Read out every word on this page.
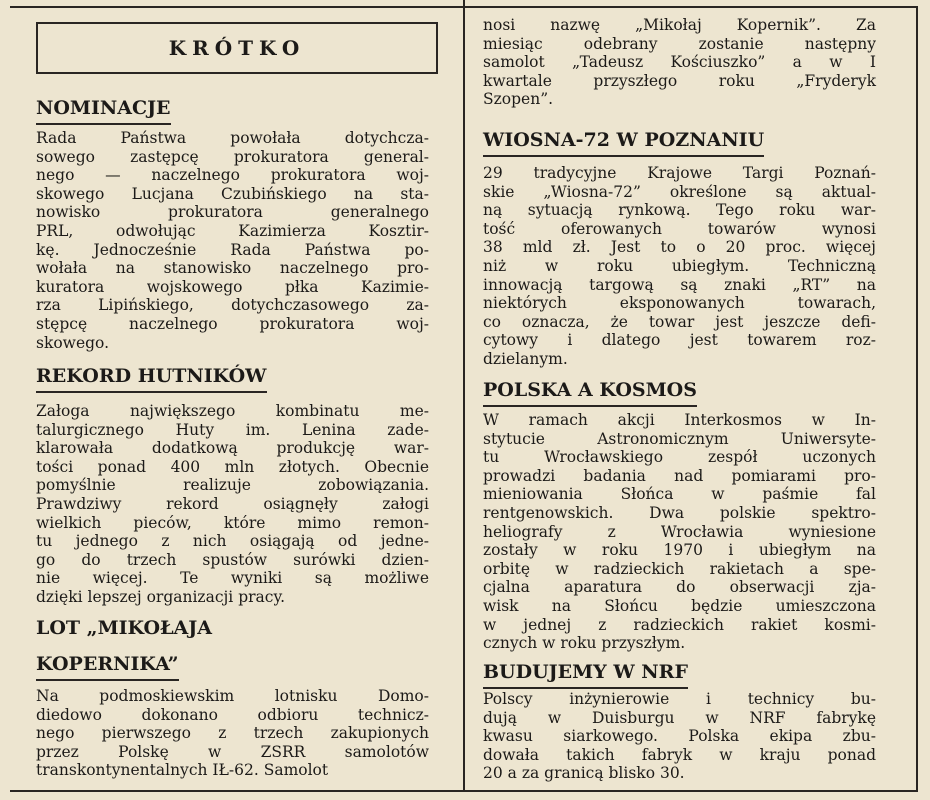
KRÓTKO
NOMINACJE
Rada Państwa powołała dotychcza-
sowego zastępcę prokuratora general-
nego — naczelnego prokuratora woj-
skowego Lucjana Czubińskiego na sta-
nowisko prokuratora generalnego
PRL, odwołując Kazimierza Kosztir-
kę. Jednocześnie Rada Państwa po-
wołała na stanowisko naczelnego pro-
kuratora wojskowego płka Kazimie-
rza Lipińskiego, dotychczasowego za-
stępcę naczelnego prokuratora woj-
skowego.
REKORD HUTNIKÓW
Załoga największego kombinatu me-
talurgicznego Huty im. Lenina zade-
klarowała dodatkową produkcję war-
tości ponad 400 mln złotych. Obecnie
pomyślnie realizuje zobowiązania.
Prawdziwy rekord osiągnęły załogi
wielkich pieców, które mimo remon-
tu jednego z nich osiągają od jedne-
go do trzech spustów surówki dzien-
nie więcej. Te wyniki są możliwe
dzięki lepszej organizacji pracy.
LOT „MIKOŁAJA
KOPERNIKA”
Na podmoskiewskim lotnisku Domo-
diedowo dokonano odbioru technicz-
nego pierwszego z trzech zakupionych
przez Polskę w ZSRR samolotów
transkontynentalnych IŁ-62. Samolot
nosi nazwę „Mikołaj Kopernik”. Za
miesiąc odebrany zostanie następny
samolot „Tadeusz Kościuszko” a w I
kwartale przyszłego roku „Fryderyk
Szopen”.
WIOSNA-72 W POZNANIU
29 tradycyjne Krajowe Targi Poznań-
skie „Wiosna-72” określone są aktual-
ną sytuacją rynkową. Tego roku war-
tość oferowanych towarów wynosi
38 mld zł. Jest to o 20 proc. więcej
niż w roku ubiegłym. Techniczną
innowacją targową są znaki „RT” na
niektórych eksponowanych towarach,
co oznacza, że towar jest jeszcze defi-
cytowy i dlatego jest towarem roz-
dzielanym.
POLSKA A KOSMOS
W ramach akcji Interkosmos w In-
stytucie Astronomicznym Uniwersyte-
tu Wrocławskiego zespół uczonych
prowadzi badania nad pomiarami pro-
mieniowania Słońca w paśmie fal
rentgenowskich. Dwa polskie spektro-
heliografy z Wrocławia wyniesione
zostały w roku 1970 i ubiegłym na
orbitę w radzieckich rakietach a spe-
cjalna aparatura do obserwacji zja-
wisk na Słońcu będzie umieszczona
w jednej z radzieckich rakiet kosmi-
cznych w roku przyszłym.
BUDUJEMY W NRF
Polscy inżynierowie i technicy bu-
dują w Duisburgu w NRF fabrykę
kwasu siarkowego. Polska ekipa zbu-
dowała takich fabryk w kraju ponad
20 a za granicą blisko 30.
